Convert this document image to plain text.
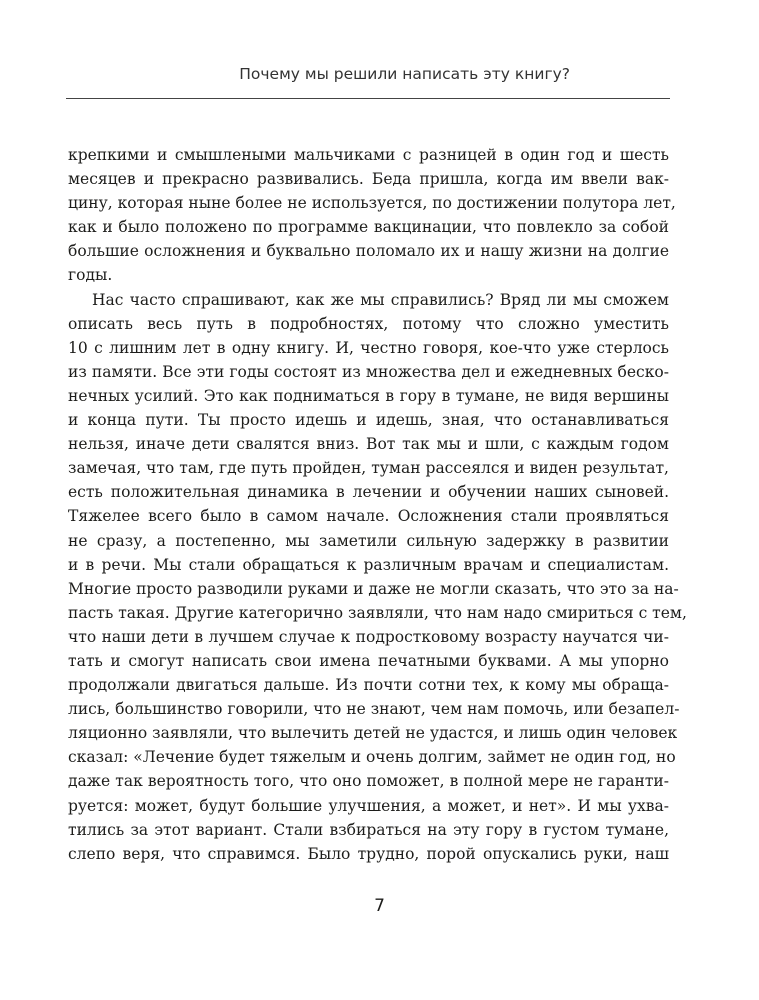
Почему мы решили написать эту книгу?
крепкими и смышлеными мальчиками с разницей в один год и шесть
месяцев и прекрасно развивались. Беда пришла, когда им ввели вак-
цину, которая ныне более не используется, по достижении полутора лет,
как и было положено по программе вакцинации, что повлекло за собой
большие осложнения и буквально поломало их и нашу жизни на долгие
годы.
Нас часто спрашивают, как же мы справились? Вряд ли мы сможем
описать весь путь в подробностях, потому что сложно уместить
10 с лишним лет в одну книгу. И, честно говоря, кое-что уже стерлось
из памяти. Все эти годы состоят из множества дел и ежедневных беско-
нечных усилий. Это как подниматься в гору в тумане, не видя вершины
и конца пути. Ты просто идешь и идешь, зная, что останавливаться
нельзя, иначе дети свалятся вниз. Вот так мы и шли, с каждым годом
замечая, что там, где путь пройден, туман рассеялся и виден результат,
есть положительная динамика в лечении и обучении наших сыновей.
Тяжелее всего было в самом начале. Осложнения стали проявляться
не сразу, а постепенно, мы заметили сильную задержку в развитии
и в речи. Мы стали обращаться к различным врачам и специалистам.
Многие просто разводили руками и даже не могли сказать, что это за на-
пасть такая. Другие категорично заявляли, что нам надо смириться с тем,
что наши дети в лучшем случае к подростковому возрасту научатся чи-
тать и смогут написать свои имена печатными буквами. А мы упорно
продолжали двигаться дальше. Из почти сотни тех, к кому мы обраща-
лись, большинство говорили, что не знают, чем нам помочь, или безапел-
ляционно заявляли, что вылечить детей не удастся, и лишь один человек
сказал: «Лечение будет тяжелым и очень долгим, займет не один год, но
даже так вероятность того, что оно поможет, в полной мере не гаранти-
руется: может, будут большие улучшения, а может, и нет». И мы ухва-
тились за этот вариант. Стали взбираться на эту гору в густом тумане,
слепо веря, что справимся. Было трудно, порой опускались руки, наш
7
